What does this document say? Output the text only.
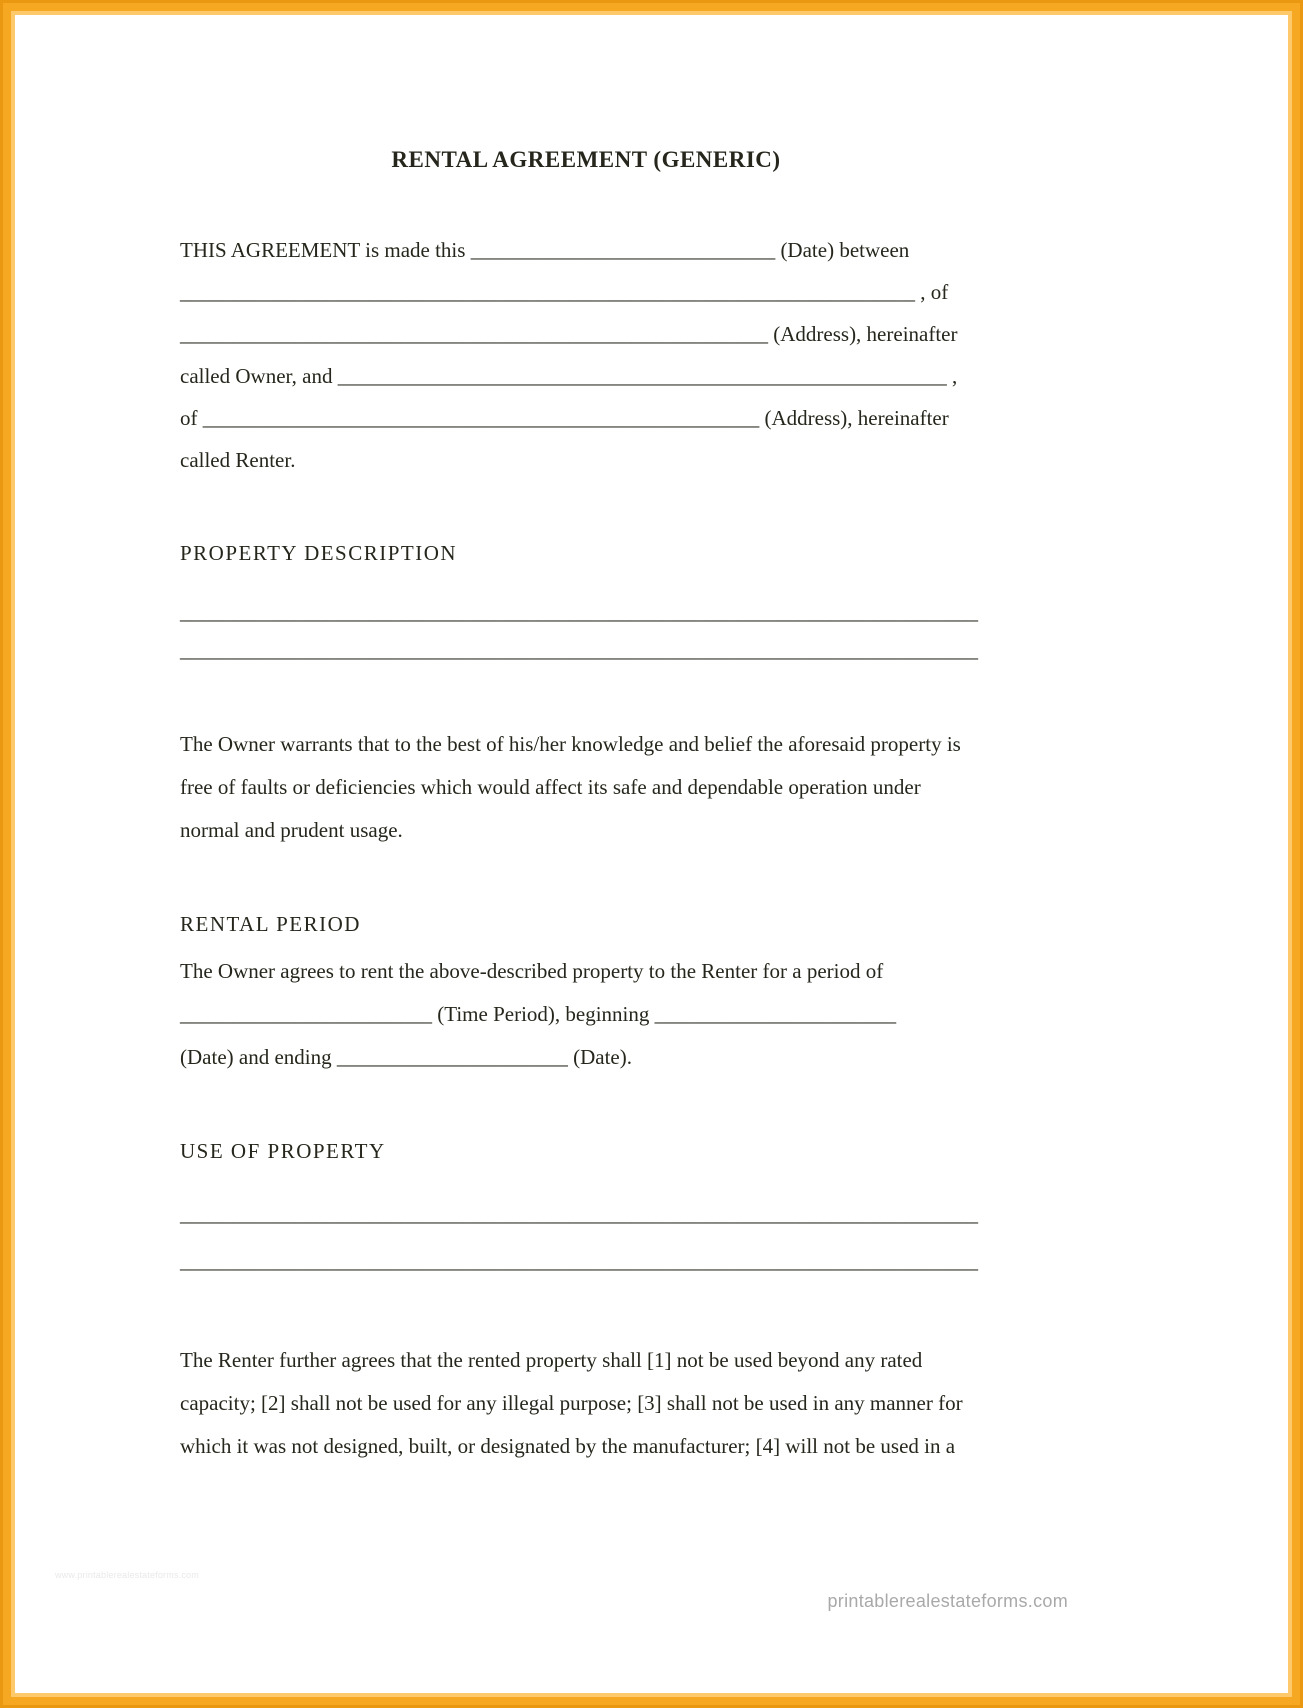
RENTAL AGREEMENT (GENERIC)
THIS AGREEMENT is made this _____________________________ (Date) between
______________________________________________________________________ , of
________________________________________________________ (Address), hereinafter
called Owner, and __________________________________________________________ ,
of _____________________________________________________ (Address), hereinafter
called Renter.
PROPERTY DESCRIPTION
____________________________________________________________________________
____________________________________________________________________________
The Owner warrants that to the best of his/her knowledge and belief the aforesaid property is
free of faults or deficiencies which would affect its safe and dependable operation under
normal and prudent usage.
RENTAL PERIOD
The Owner agrees to rent the above-described property to the Renter for a period of
________________________ (Time Period), beginning _______________________
(Date) and ending ______________________ (Date).
USE OF PROPERTY
____________________________________________________________________________
____________________________________________________________________________
The Renter further agrees that the rented property shall [1] not be used beyond any rated
capacity; [2] shall not be used for any illegal purpose; [3] shall not be used in any manner for
which it was not designed, built, or designated by the manufacturer; [4] will not be used in a
www.printablerealestateforms.com
printablerealestateforms.com
